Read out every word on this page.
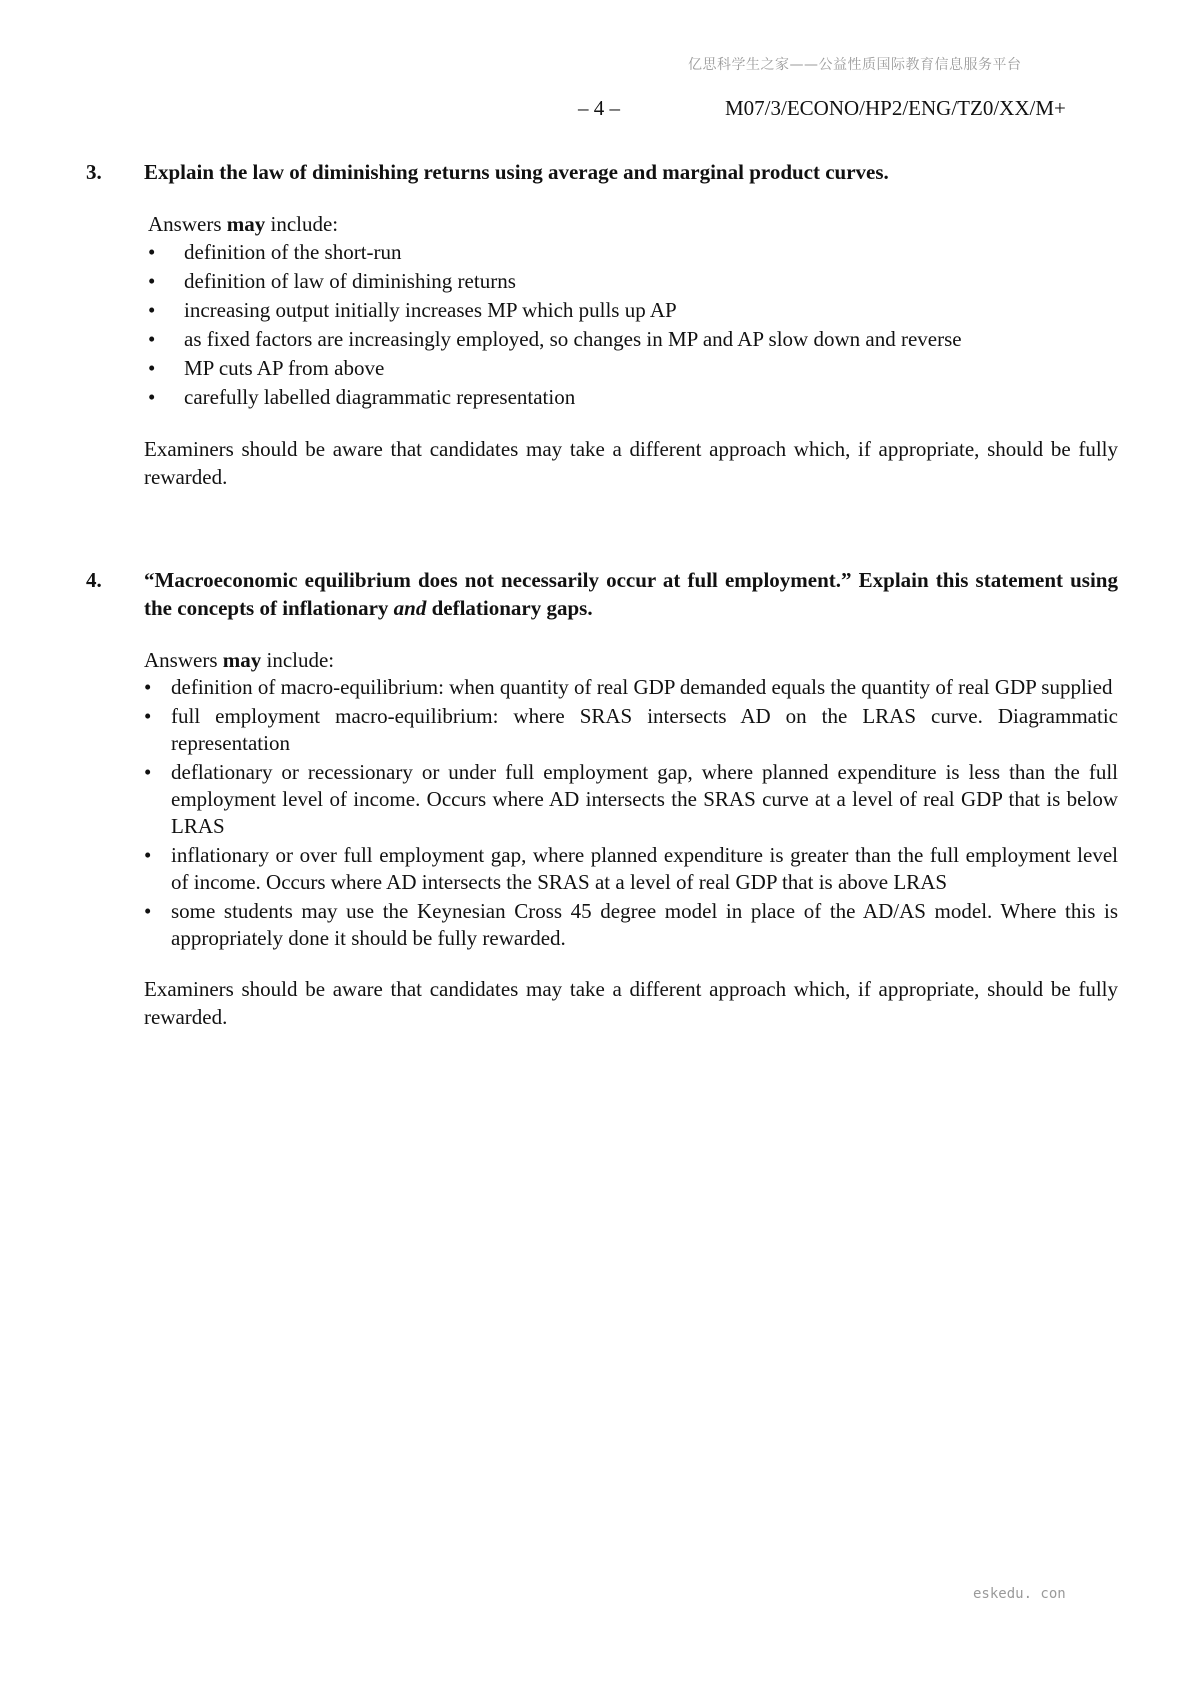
亿思科学生之家——公益性质国际教育信息服务平台
– 4 –	M07/3/ECONO/HP2/ENG/TZ0/XX/M+
3. Explain the law of diminishing returns using average and marginal product curves.
Answers may include:
• definition of the short-run
• definition of law of diminishing returns
• increasing output initially increases MP which pulls up AP
• as fixed factors are increasingly employed, so changes in MP and AP slow down and reverse
• MP cuts AP from above
• carefully labelled diagrammatic representation
Examiners should be aware that candidates may take a different approach which, if appropriate, should be fully rewarded.
4. “Macroeconomic equilibrium does not necessarily occur at full employment.” Explain this statement using the concepts of inflationary and deflationary gaps.
Answers may include:
• definition of macro-equilibrium: when quantity of real GDP demanded equals the quantity of real GDP supplied
• full employment macro-equilibrium: where SRAS intersects AD on the LRAS curve. Diagrammatic representation
• deflationary or recessionary or under full employment gap, where planned expenditure is less than the full employment level of income. Occurs where AD intersects the SRAS curve at a level of real GDP that is below LRAS
• inflationary or over full employment gap, where planned expenditure is greater than the full employment level of income. Occurs where AD intersects the SRAS at a level of real GDP that is above LRAS
• some students may use the Keynesian Cross 45 degree model in place of the AD/AS model. Where this is appropriately done it should be fully rewarded.
Examiners should be aware that candidates may take a different approach which, if appropriate, should be fully rewarded.
eskedu. con
